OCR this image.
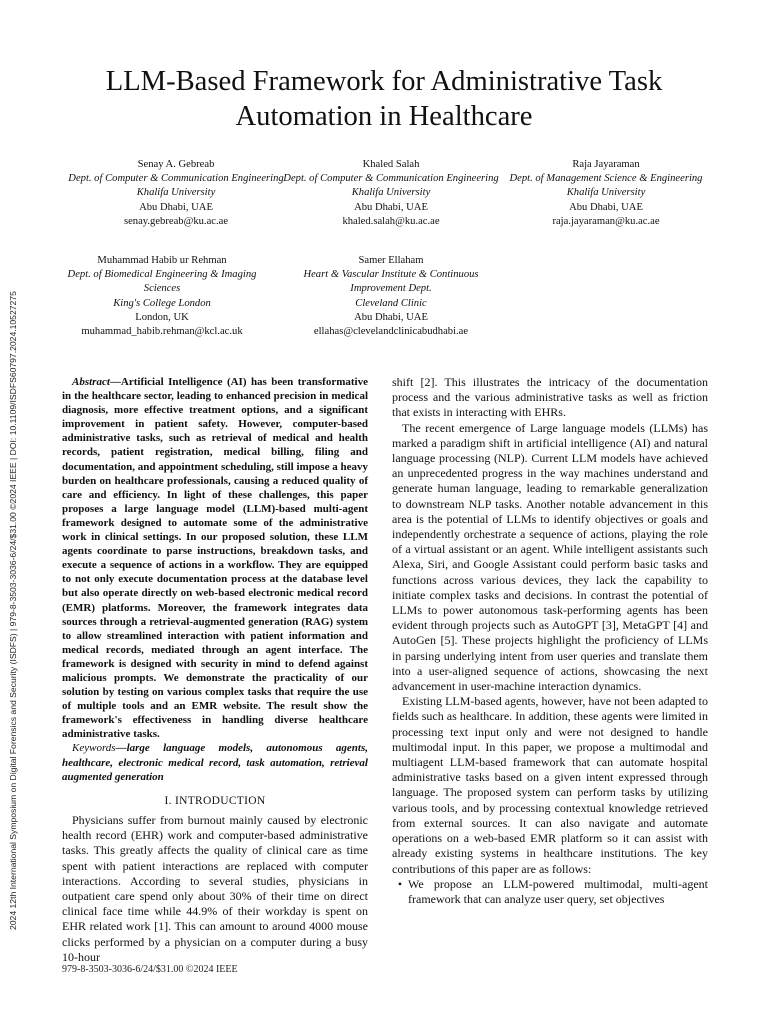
2024 12th International Symposium on Digital Forensics and Security (ISDFS) | 979-8-3503-3036-6/24/$31.00 ©2024 IEEE | DOI: 10.1109/ISDFS60797.2024.10527275
LLM-Based Framework for Administrative Task
Automation in Healthcare
Senay A. Gebreab
Dept. of Computer & Communication Engineering
Khalifa University
Abu Dhabi, UAE
senay.gebreab@ku.ac.ae
Khaled Salah
Dept. of Computer & Communication Engineering
Khalifa University
Abu Dhabi, UAE
khaled.salah@ku.ac.ae
Raja Jayaraman
Dept. of Management Science & Engineering
Khalifa University
Abu Dhabi, UAE
raja.jayaraman@ku.ac.ae
Muhammad Habib ur Rehman
Dept. of Biomedical Engineering & Imaging Sciences
King's College London
London, UK
muhammad_habib.rehman@kcl.ac.uk
Samer Ellaham
Heart & Vascular Institute & Continuous Improvement Dept.
Cleveland Clinic
Abu Dhabi, UAE
ellahas@clevelandclinicabudhabi.ae

Abstract—Artificial Intelligence (AI) has been transformative in the healthcare sector, leading to enhanced precision in medical diagnosis, more effective treatment options, and a significant improvement in patient safety. However, computer-based administrative tasks, such as retrieval of medical and health records, patient registration, medical billing, filing and documentation, and appointment scheduling, still impose a heavy burden on healthcare professionals, causing a reduced quality of care and efficiency. In light of these challenges, this paper proposes a large language model (LLM)-based multi-agent framework designed to automate some of the administrative work in clinical settings. In our proposed solution, these LLM agents coordinate to parse instructions, breakdown tasks, and execute a sequence of actions in a workflow. They are equipped to not only execute documentation process at the database level but also operate directly on web-based electronic medical record (EMR) platforms. Moreover, the framework integrates data sources through a retrieval-augmented generation (RAG) system to allow streamlined interaction with patient information and medical records, mediated through an agent interface. The framework is designed with security in mind to defend against malicious prompts. We demonstrate the practicality of our solution by testing on various complex tasks that require the use of multiple tools and an EMR website. The result show the framework's effectiveness in handling diverse healthcare administrative tasks.

Keywords—large language models, autonomous agents, healthcare, electronic medical record, task automation, retrieval augmented generation

I. INTRODUCTION

Physicians suffer from burnout mainly caused by electronic health record (EHR) work and computer-based administrative tasks. This greatly affects the quality of clinical care as time spent with patient interactions are replaced with computer interactions. According to several studies, physicians in outpatient care spend only about 30% of their time on direct clinical face time while 44.9% of their workday is spent on EHR related work [1]. This can amount to around 4000 mouse clicks performed by a physician on a computer during a busy 10-hour

shift [2]. This illustrates the intricacy of the documentation process and the various administrative tasks as well as friction that exists in interacting with EHRs.

The recent emergence of Large language models (LLMs) has marked a paradigm shift in artificial intelligence (AI) and natural language processing (NLP). Current LLM models have achieved an unprecedented progress in the way machines understand and generate human language, leading to remarkable generalization to downstream NLP tasks. Another notable advancement in this area is the potential of LLMs to identify objectives or goals and independently orchestrate a sequence of actions, playing the role of a virtual assistant or an agent. While intelligent assistants such Alexa, Siri, and Google Assistant could perform basic tasks and functions across various devices, they lack the capability to initiate complex tasks and decisions. In contrast the potential of LLMs to power autonomous task-performing agents has been evident through projects such as AutoGPT [3], MetaGPT [4] and AutoGen [5]. These projects highlight the proficiency of LLMs in parsing underlying intent from user queries and translate them into a user-aligned sequence of actions, showcasing the next advancement in user-machine interaction dynamics.

Existing LLM-based agents, however, have not been adapted to fields such as healthcare. In addition, these agents were limited in processing text input only and were not designed to handle multimodal input. In this paper, we propose a multimodal and multiagent LLM-based framework that can automate hospital administrative tasks based on a given intent expressed through language. The proposed system can perform tasks by utilizing various tools, and by processing contextual knowledge retrieved from external sources. It can also navigate and automate operations on a web-based EMR platform so it can assist with already existing systems in healthcare institutions. The key contributions of this paper are as follows:

• We propose an LLM-powered multimodal, multi-agent framework that can analyze user query, set objectives
979-8-3503-3036-6/24/$31.00 ©2024 IEEE
